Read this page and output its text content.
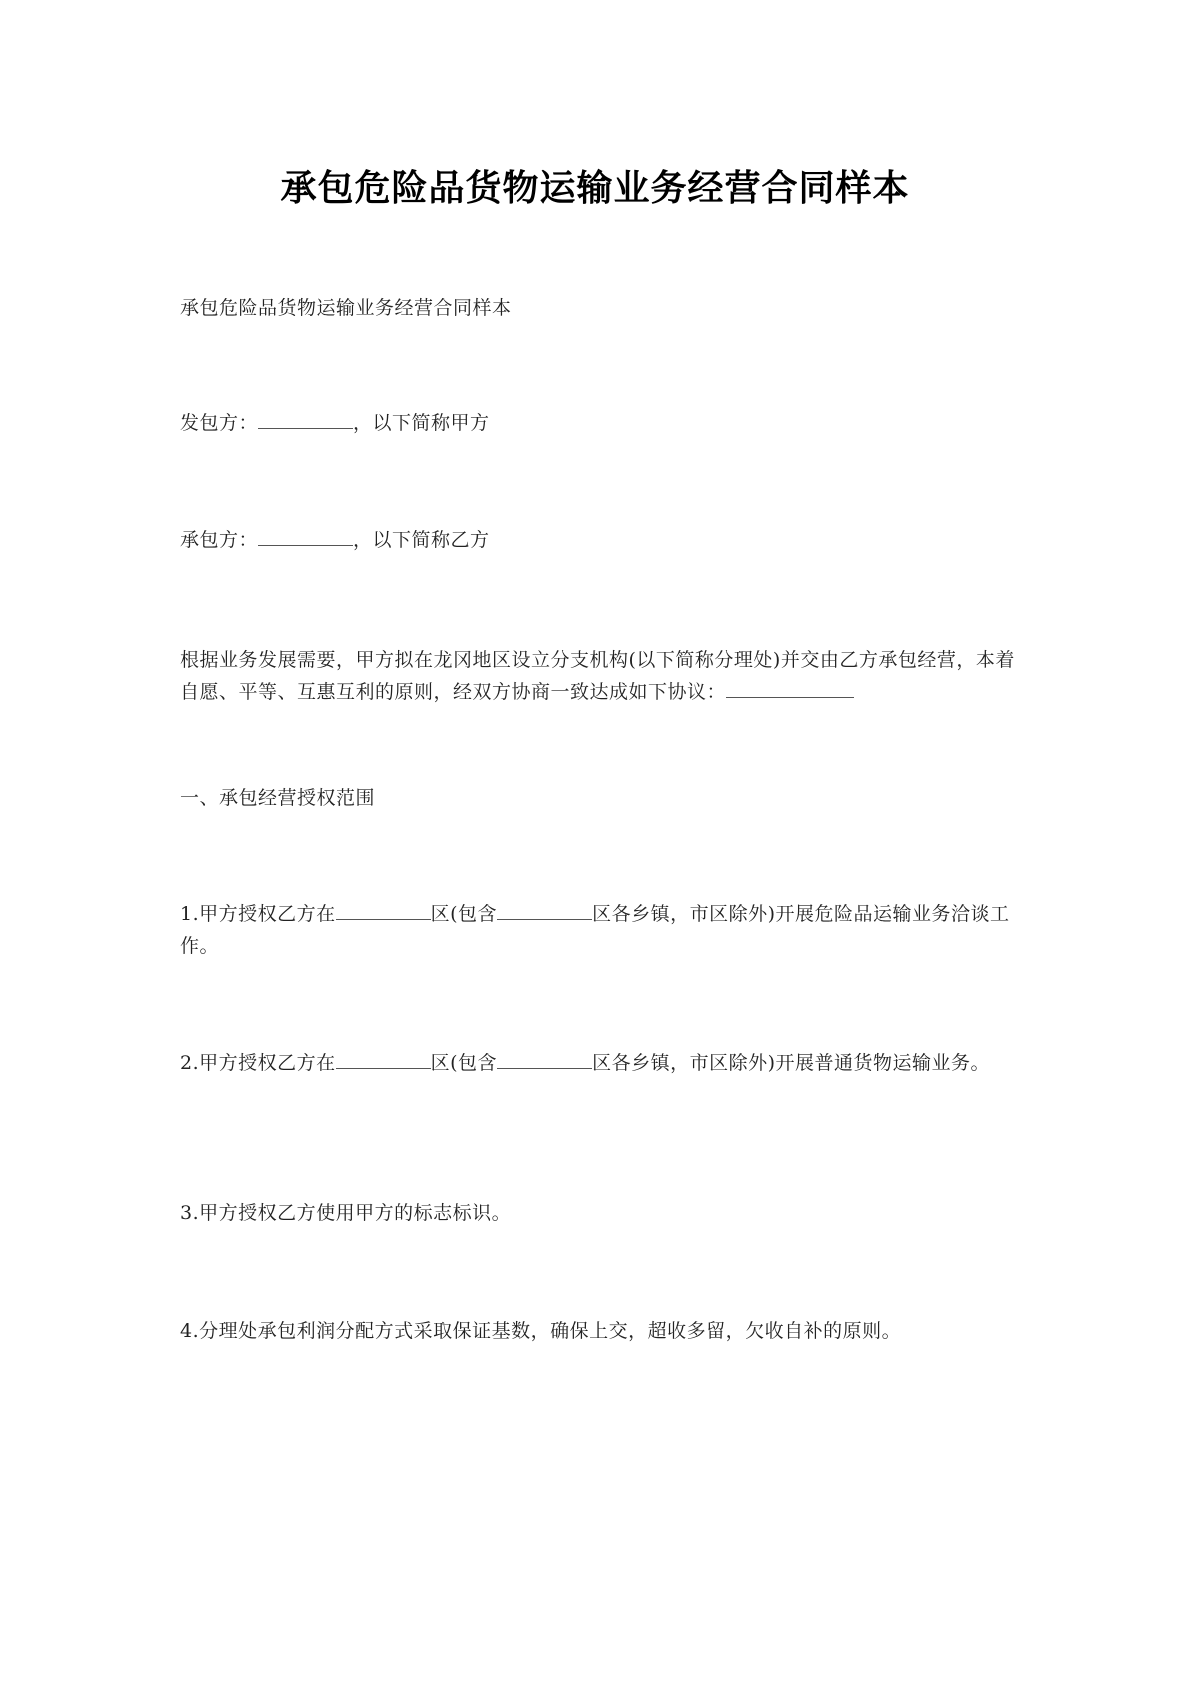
承包危险品货物运输业务经营合同样本
承包危险品货物运输业务经营合同样本
发包方：	，以下简称甲方
承包方：	，以下简称乙方
根据业务发展需要，甲方拟在龙冈地区设立分支机构(以下简称分理处)并交由乙方承包经营，本着自愿、平等、互惠互利的原则，经双方协商一致达成如下协议：
一、承包经营授权范围
1.甲方授权乙方在	区(包含	区各乡镇，市区除外)开展危险品运输业务洽谈工作。
2.甲方授权乙方在	区(包含	区各乡镇，市区除外)开展普通货物运输业务。
3.甲方授权乙方使用甲方的标志标识。
4.分理处承包利润分配方式采取保证基数，确保上交，超收多留，欠收自补的原则。
